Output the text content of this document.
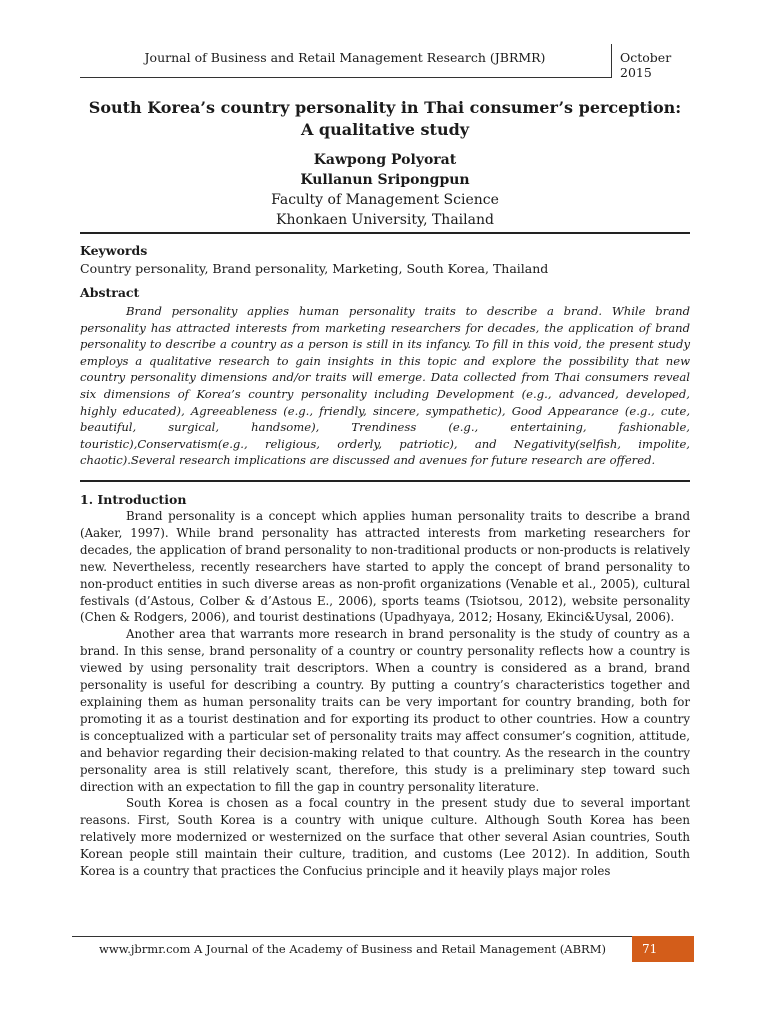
Journal of Business and Retail Management Research (JBRMR)	October 2015
South Korea’s country personality in Thai consumer’s perception:
A qualitative study
Kawpong Polyorat
Kullanun Sripongpun
Faculty of Management Science
Khonkaen University, Thailand
Keywords
Country personality, Brand personality, Marketing, South Korea, Thailand
Abstract

Brand personality applies human personality traits to describe a brand. While brand personality has attracted interests from marketing researchers for decades, the application of brand personality to describe a country as a person is still in its infancy. To fill in this void, the present study employs a qualitative research to gain insights in this topic and explore the possibility that new country personality dimensions and/or traits will emerge. Data collected from Thai consumers reveal six dimensions of Korea’s country personality including Development (e.g., advanced, developed, highly educated), Agreeableness (e.g., friendly, sincere, sympathetic), Good Appearance (e.g., cute, beautiful, surgical, handsome), Trendiness (e.g., entertaining, fashionable, touristic),Conservatism(e.g., religious, orderly, patriotic), and Negativity(selfish, impolite, chaotic).Several research implications are discussed and avenues for future research are offered.

1. Introduction

Brand personality is a concept which applies human personality traits to describe a brand (Aaker, 1997). While brand personality has attracted interests from marketing researchers for decades, the application of brand personality to non-traditional products or non-products is relatively new. Nevertheless, recently researchers have started to apply the concept of brand personality to non-product entities in such diverse areas as non-profit organizations (Venable et al., 2005), cultural festivals (d’Astous, Colber & d’Astous E., 2006), sports teams (Tsiotsou, 2012), website personality (Chen & Rodgers, 2006), and tourist destinations (Upadhyaya, 2012; Hosany, Ekinci&Uysal, 2006).

Another area that warrants more research in brand personality is the study of country as a brand. In this sense, brand personality of a country or country personality reflects how a country is viewed by using personality trait descriptors. When a country is considered as a brand, brand personality is useful for describing a country. By putting a country’s characteristics together and explaining them as human personality traits can be very important for country branding, both for promoting it as a tourist destination and for exporting its product to other countries. How a country is conceptualized with a particular set of personality traits may affect consumer’s cognition, attitude, and behavior regarding their decision-making related to that country. As the research in the country personality area is still relatively scant, therefore, this study is a preliminary step toward such direction with an expectation to fill the gap in country personality literature.

South Korea is chosen as a focal country in the present study due to several important reasons. First, South Korea is a country with unique culture. Although South Korea has been relatively more modernized or westernized on the surface that other several Asian countries, South Korean people still maintain their culture, tradition, and customs (Lee 2012). In addition, South Korea is a country that practices the Confucius principle and it heavily plays major roles

www.jbrmr.com A Journal of the Academy of Business and Retail Management (ABRM)	71
